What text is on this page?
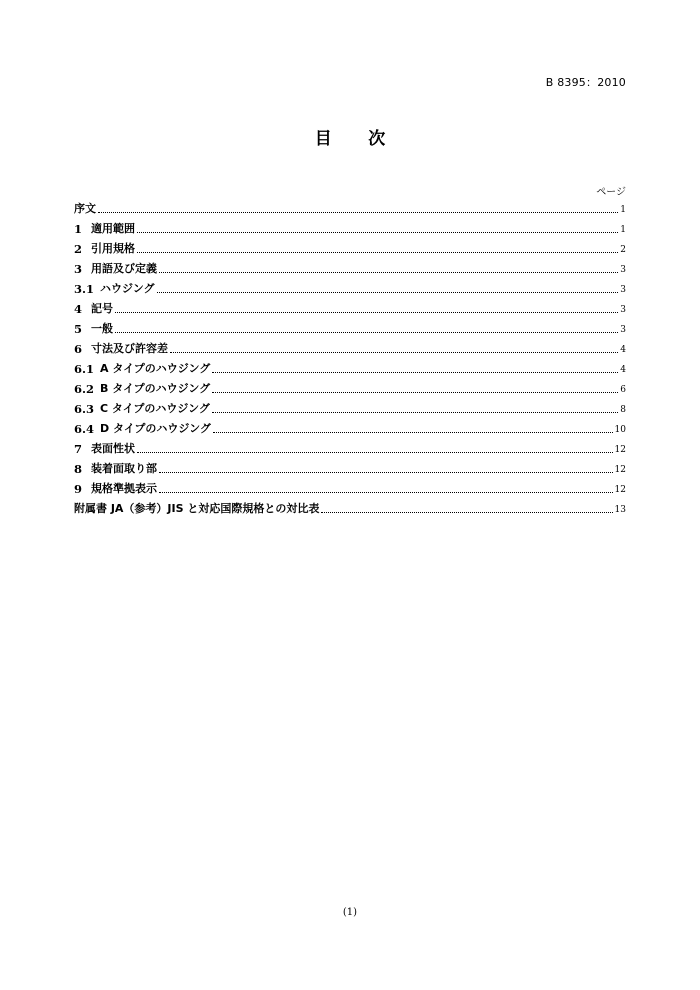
B 8395：2010
目 次
ページ
序文	1
1 適用範囲	1
2 引用規格	2
3 用語及び定義	3
3.1 ハウジング	3
4 記号	3
5 一般	3
6 寸法及び許容差	4
6.1 A タイプのハウジング	4
6.2 B タイプのハウジング	6
6.3 C タイプのハウジング	8
6.4 D タイプのハウジング	10
7 表面性状	12
8 装着面取り部	12
9 規格準拠表示	12
附属書 JA（参考）JIS と対応国際規格との対比表	13
(1)
